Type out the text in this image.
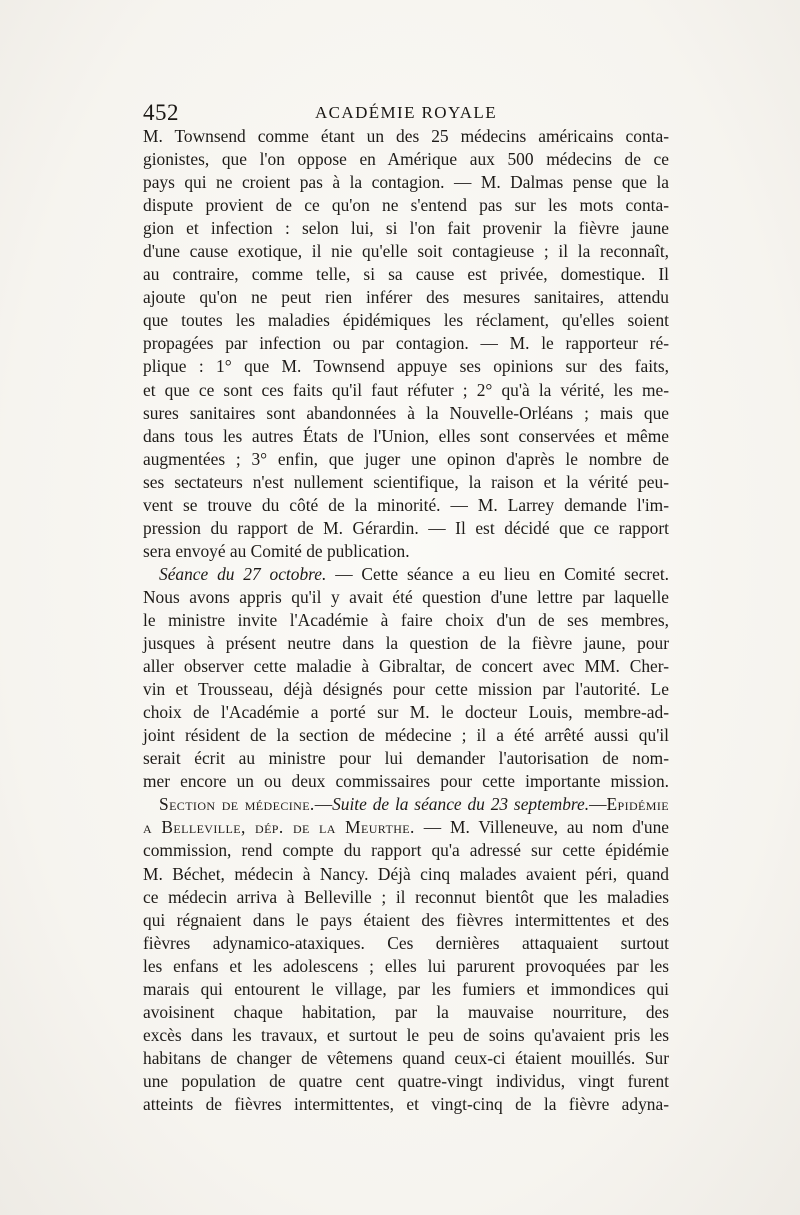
452	ACADÉMIE ROYALE
M. Townsend comme étant un des 25 médecins américains conta-
gionistes, que l'on oppose en Amérique aux 500 médecins de ce
pays qui ne croient pas à la contagion. — M. Dalmas pense que la
dispute provient de ce qu'on ne s'entend pas sur les mots conta-
gion et infection : selon lui, si l'on fait provenir la fièvre jaune
d'une cause exotique, il nie qu'elle soit contagieuse ; il la reconnaît,
au contraire, comme telle, si sa cause est privée, domestique. Il
ajoute qu'on ne peut rien inférer des mesures sanitaires, attendu
que toutes les maladies épidémiques les réclament, qu'elles soient
propagées par infection ou par contagion. — M. le rapporteur ré-
plique : 1° que M. Townsend appuye ses opinions sur des faits,
et que ce sont ces faits qu'il faut réfuter ; 2° qu'à la vérité, les me-
sures sanitaires sont abandonnées à la Nouvelle-Orléans ; mais que
dans tous les autres États de l'Union, elles sont conservées et même
augmentées ; 3° enfin, que juger une opinon d'après le nombre de
ses sectateurs n'est nullement scientifique, la raison et la vérité peu-
vent se trouve du côté de la minorité. — M. Larrey demande l'im-
pression du rapport de M. Gérardin. — Il est décidé que ce rapport
sera envoyé au Comité de publication.
Séance du 27 octobre. — Cette séance a eu lieu en Comité secret.
Nous avons appris qu'il y avait été question d'une lettre par laquelle
le ministre invite l'Académie à faire choix d'un de ses membres,
jusques à présent neutre dans la question de la fièvre jaune, pour
aller observer cette maladie à Gibraltar, de concert avec MM. Cher-
vin et Trousseau, déjà désignés pour cette mission par l'autorité. Le
choix de l'Académie a porté sur M. le docteur Louis, membre-ad-
joint résident de la section de médecine ; il a été arrêté aussi qu'il
serait écrit au ministre pour lui demander l'autorisation de nom-
mer encore un ou deux commissaires pour cette importante mission.
Section de médecine.—Suite de la séance du 23 septembre.—Epidémie
a Belleville, dép. de la Meurthe. — M. Villeneuve, au nom d'une
commission, rend compte du rapport qu'a adressé sur cette épidémie
M. Béchet, médecin à Nancy. Déjà cinq malades avaient péri, quand
ce médecin arriva à Belleville ; il reconnut bientôt que les maladies
qui régnaient dans le pays étaient des fièvres intermittentes et des
fièvres adynamico-ataxiques. Ces dernières attaquaient surtout
les enfans et les adolescens ; elles lui parurent provoquées par les
marais qui entourent le village, par les fumiers et immondices qui
avoisinent chaque habitation, par la mauvaise nourriture, des
excès dans les travaux, et surtout le peu de soins qu'avaient pris les
habitans de changer de vêtemens quand ceux-ci étaient mouillés. Sur
une population de quatre cent quatre-vingt individus, vingt furent
atteints de fièvres intermittentes, et vingt-cinq de la fièvre adyna-
